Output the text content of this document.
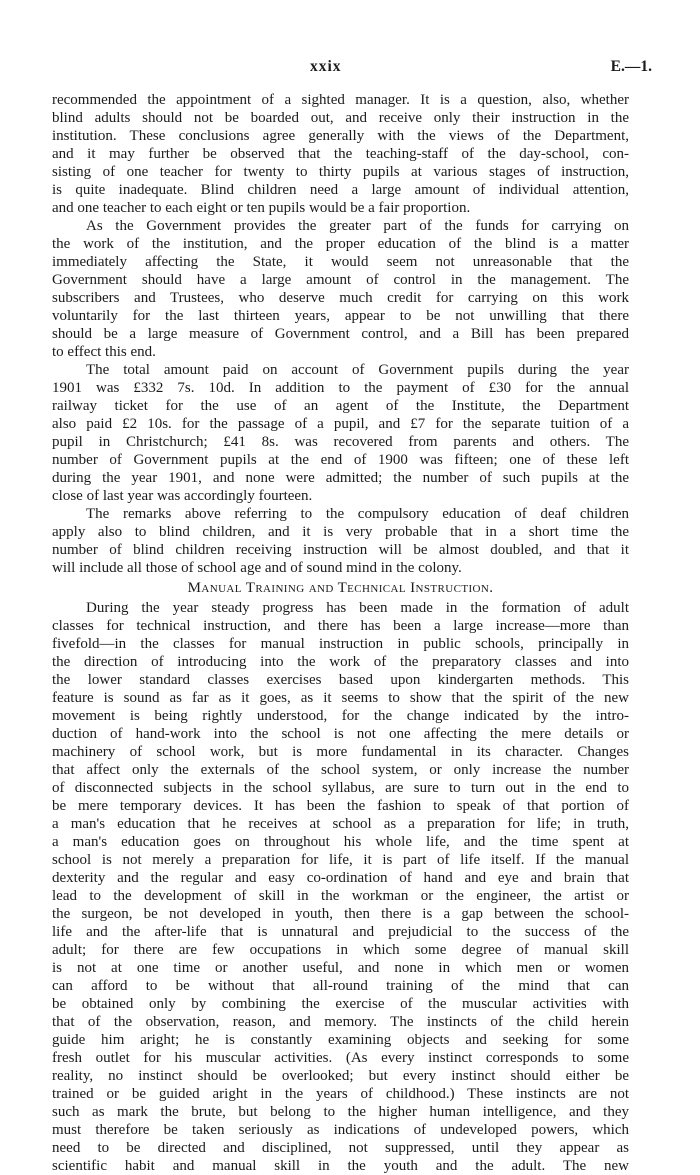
xxix	E.—1.
recommended the appointment of a sighted manager. It is a question, also, whether
blind adults should not be boarded out, and receive only their instruction in the
institution. These conclusions agree generally with the views of the Department,
and it may further be observed that the teaching-staff of the day-school, con-
sisting of one teacher for twenty to thirty pupils at various stages of instruction,
is quite inadequate. Blind children need a large amount of individual attention,
and one teacher to each eight or ten pupils would be a fair proportion.
As the Government provides the greater part of the funds for carrying on
the work of the institution, and the proper education of the blind is a matter
immediately affecting the State, it would seem not unreasonable that the
Government should have a large amount of control in the management. The
subscribers and Trustees, who deserve much credit for carrying on this work
voluntarily for the last thirteen years, appear to be not unwilling that there
should be a large measure of Government control, and a Bill has been prepared
to effect this end.
The total amount paid on account of Government pupils during the year
1901 was £332 7s. 10d. In addition to the payment of £30 for the annual
railway ticket for the use of an agent of the Institute, the Department
also paid £2 10s. for the passage of a pupil, and £7 for the separate tuition of a
pupil in Christchurch; £41 8s. was recovered from parents and others. The
number of Government pupils at the end of 1900 was fifteen; one of these left
during the year 1901, and none were admitted; the number of such pupils at the
close of last year was accordingly fourteen.
The remarks above referring to the compulsory education of deaf children
apply also to blind children, and it is very probable that in a short time the
number of blind children receiving instruction will be almost doubled, and that it
will include all those of school age and of sound mind in the colony.
Manual Training and Technical Instruction.
During the year steady progress has been made in the formation of adult
classes for technical instruction, and there has been a large increase—more than
fivefold—in the classes for manual instruction in public schools, principally in
the direction of introducing into the work of the preparatory classes and into
the lower standard classes exercises based upon kindergarten methods. This
feature is sound as far as it goes, as it seems to show that the spirit of the new
movement is being rightly understood, for the change indicated by the intro-
duction of hand-work into the school is not one affecting the mere details or
machinery of school work, but is more fundamental in its character. Changes
that affect only the externals of the school system, or only increase the number
of disconnected subjects in the school syllabus, are sure to turn out in the end to
be mere temporary devices. It has been the fashion to speak of that portion of
a man's education that he receives at school as a preparation for life; in truth,
a man's education goes on throughout his whole life, and the time spent at
school is not merely a preparation for life, it is part of life itself. If the manual
dexterity and the regular and easy co-ordination of hand and eye and brain that
lead to the development of skill in the workman or the engineer, the artist or
the surgeon, be not developed in youth, then there is a gap between the school-
life and the after-life that is unnatural and prejudicial to the success of the
adult; for there are few occupations in which some degree of manual skill
is not at one time or another useful, and none in which men or women
can afford to be without that all-round training of the mind that can
be obtained only by combining the exercise of the muscular activities with
that of the observation, reason, and memory. The instincts of the child herein
guide him aright; he is constantly examining objects and seeking for some
fresh outlet for his muscular activities. (As every instinct corresponds to some
reality, no instinct should be overlooked; but every instinct should either be
trained or be guided aright in the years of childhood.) These instincts are not
such as mark the brute, but belong to the higher human intelligence, and they
must therefore be taken seriously as indications of undeveloped powers, which
need to be directed and disciplined, not suppressed, until they appear as
scientific habit and manual skill in the youth and the adult. The new
